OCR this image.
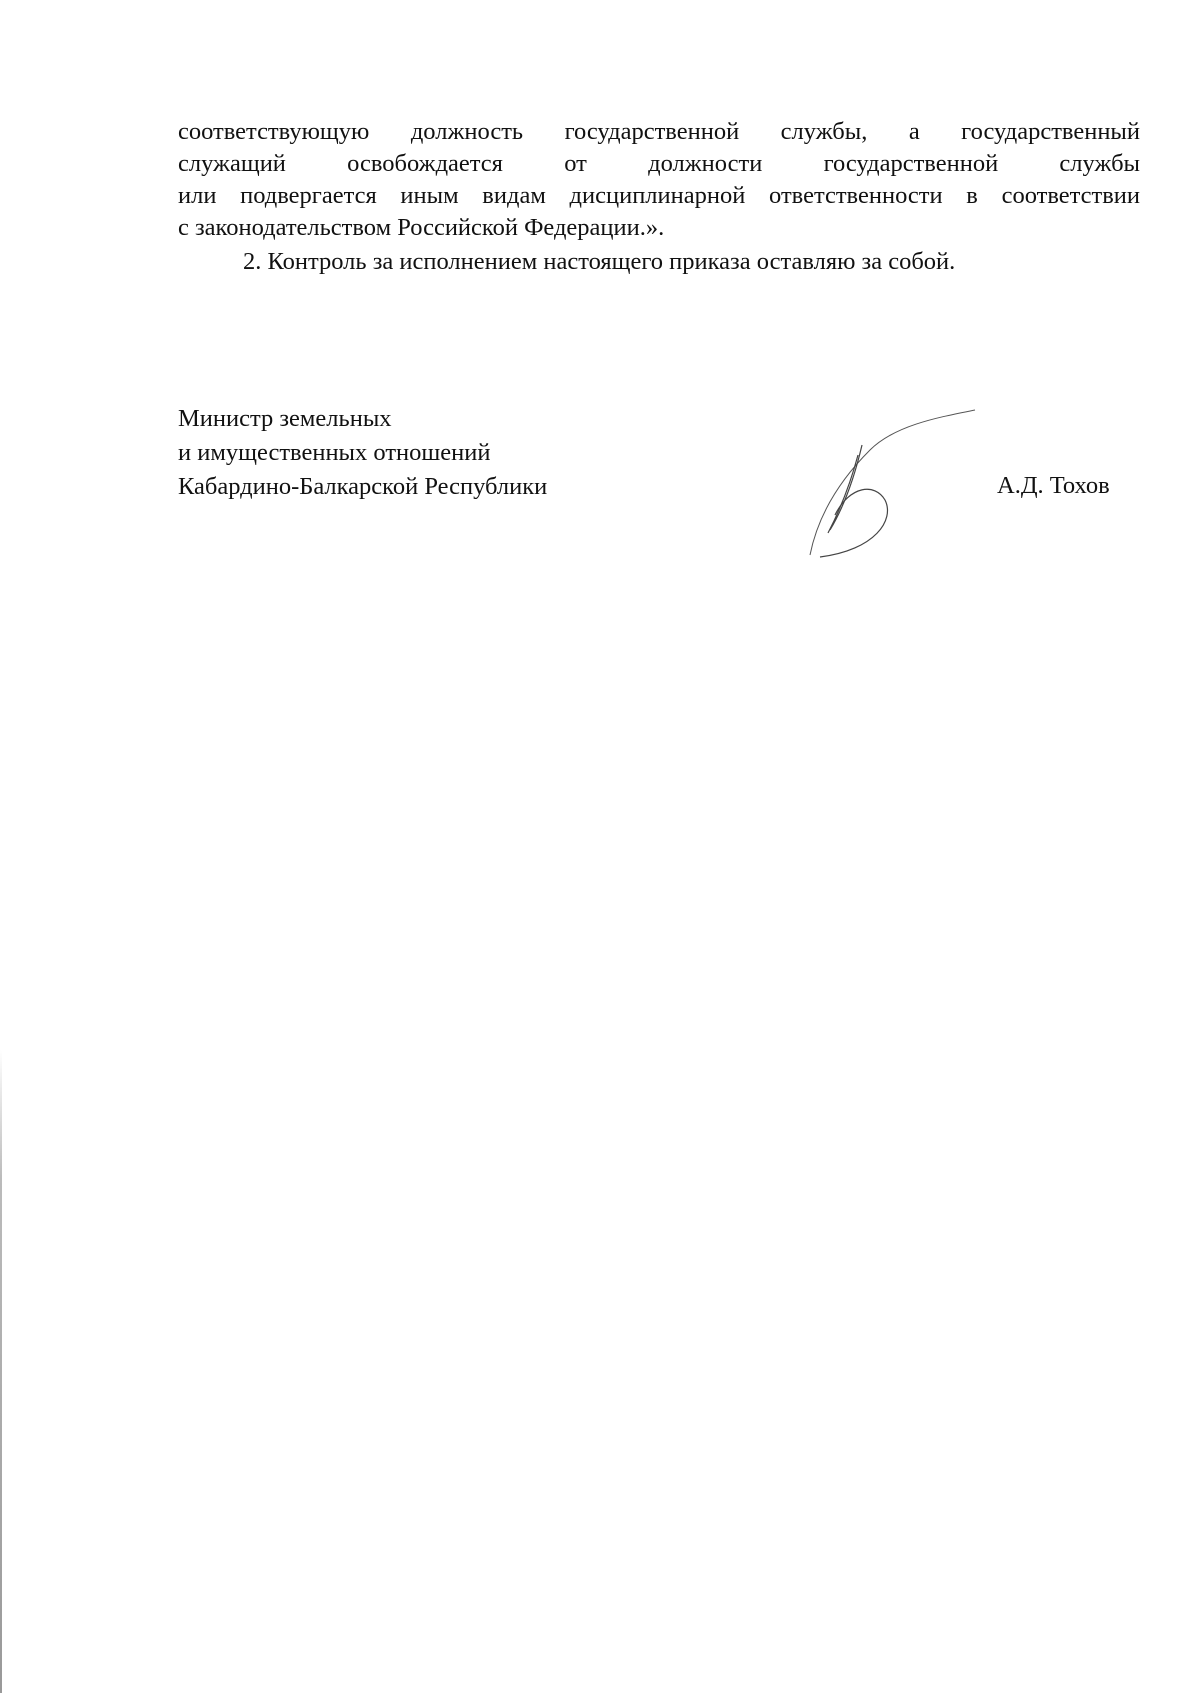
соответствующую должность государственной службы, а государственный
служащий освобождается от должности государственной службы
или подвергается иным видам дисциплинарной ответственности в соответствии
с законодательством Российской Федерации.».
2. Контроль за исполнением настоящего приказа оставляю за собой.
Министр земельных
и имущественных отношений
Кабардино-Балкарской Республики	А.Д. Тохов
